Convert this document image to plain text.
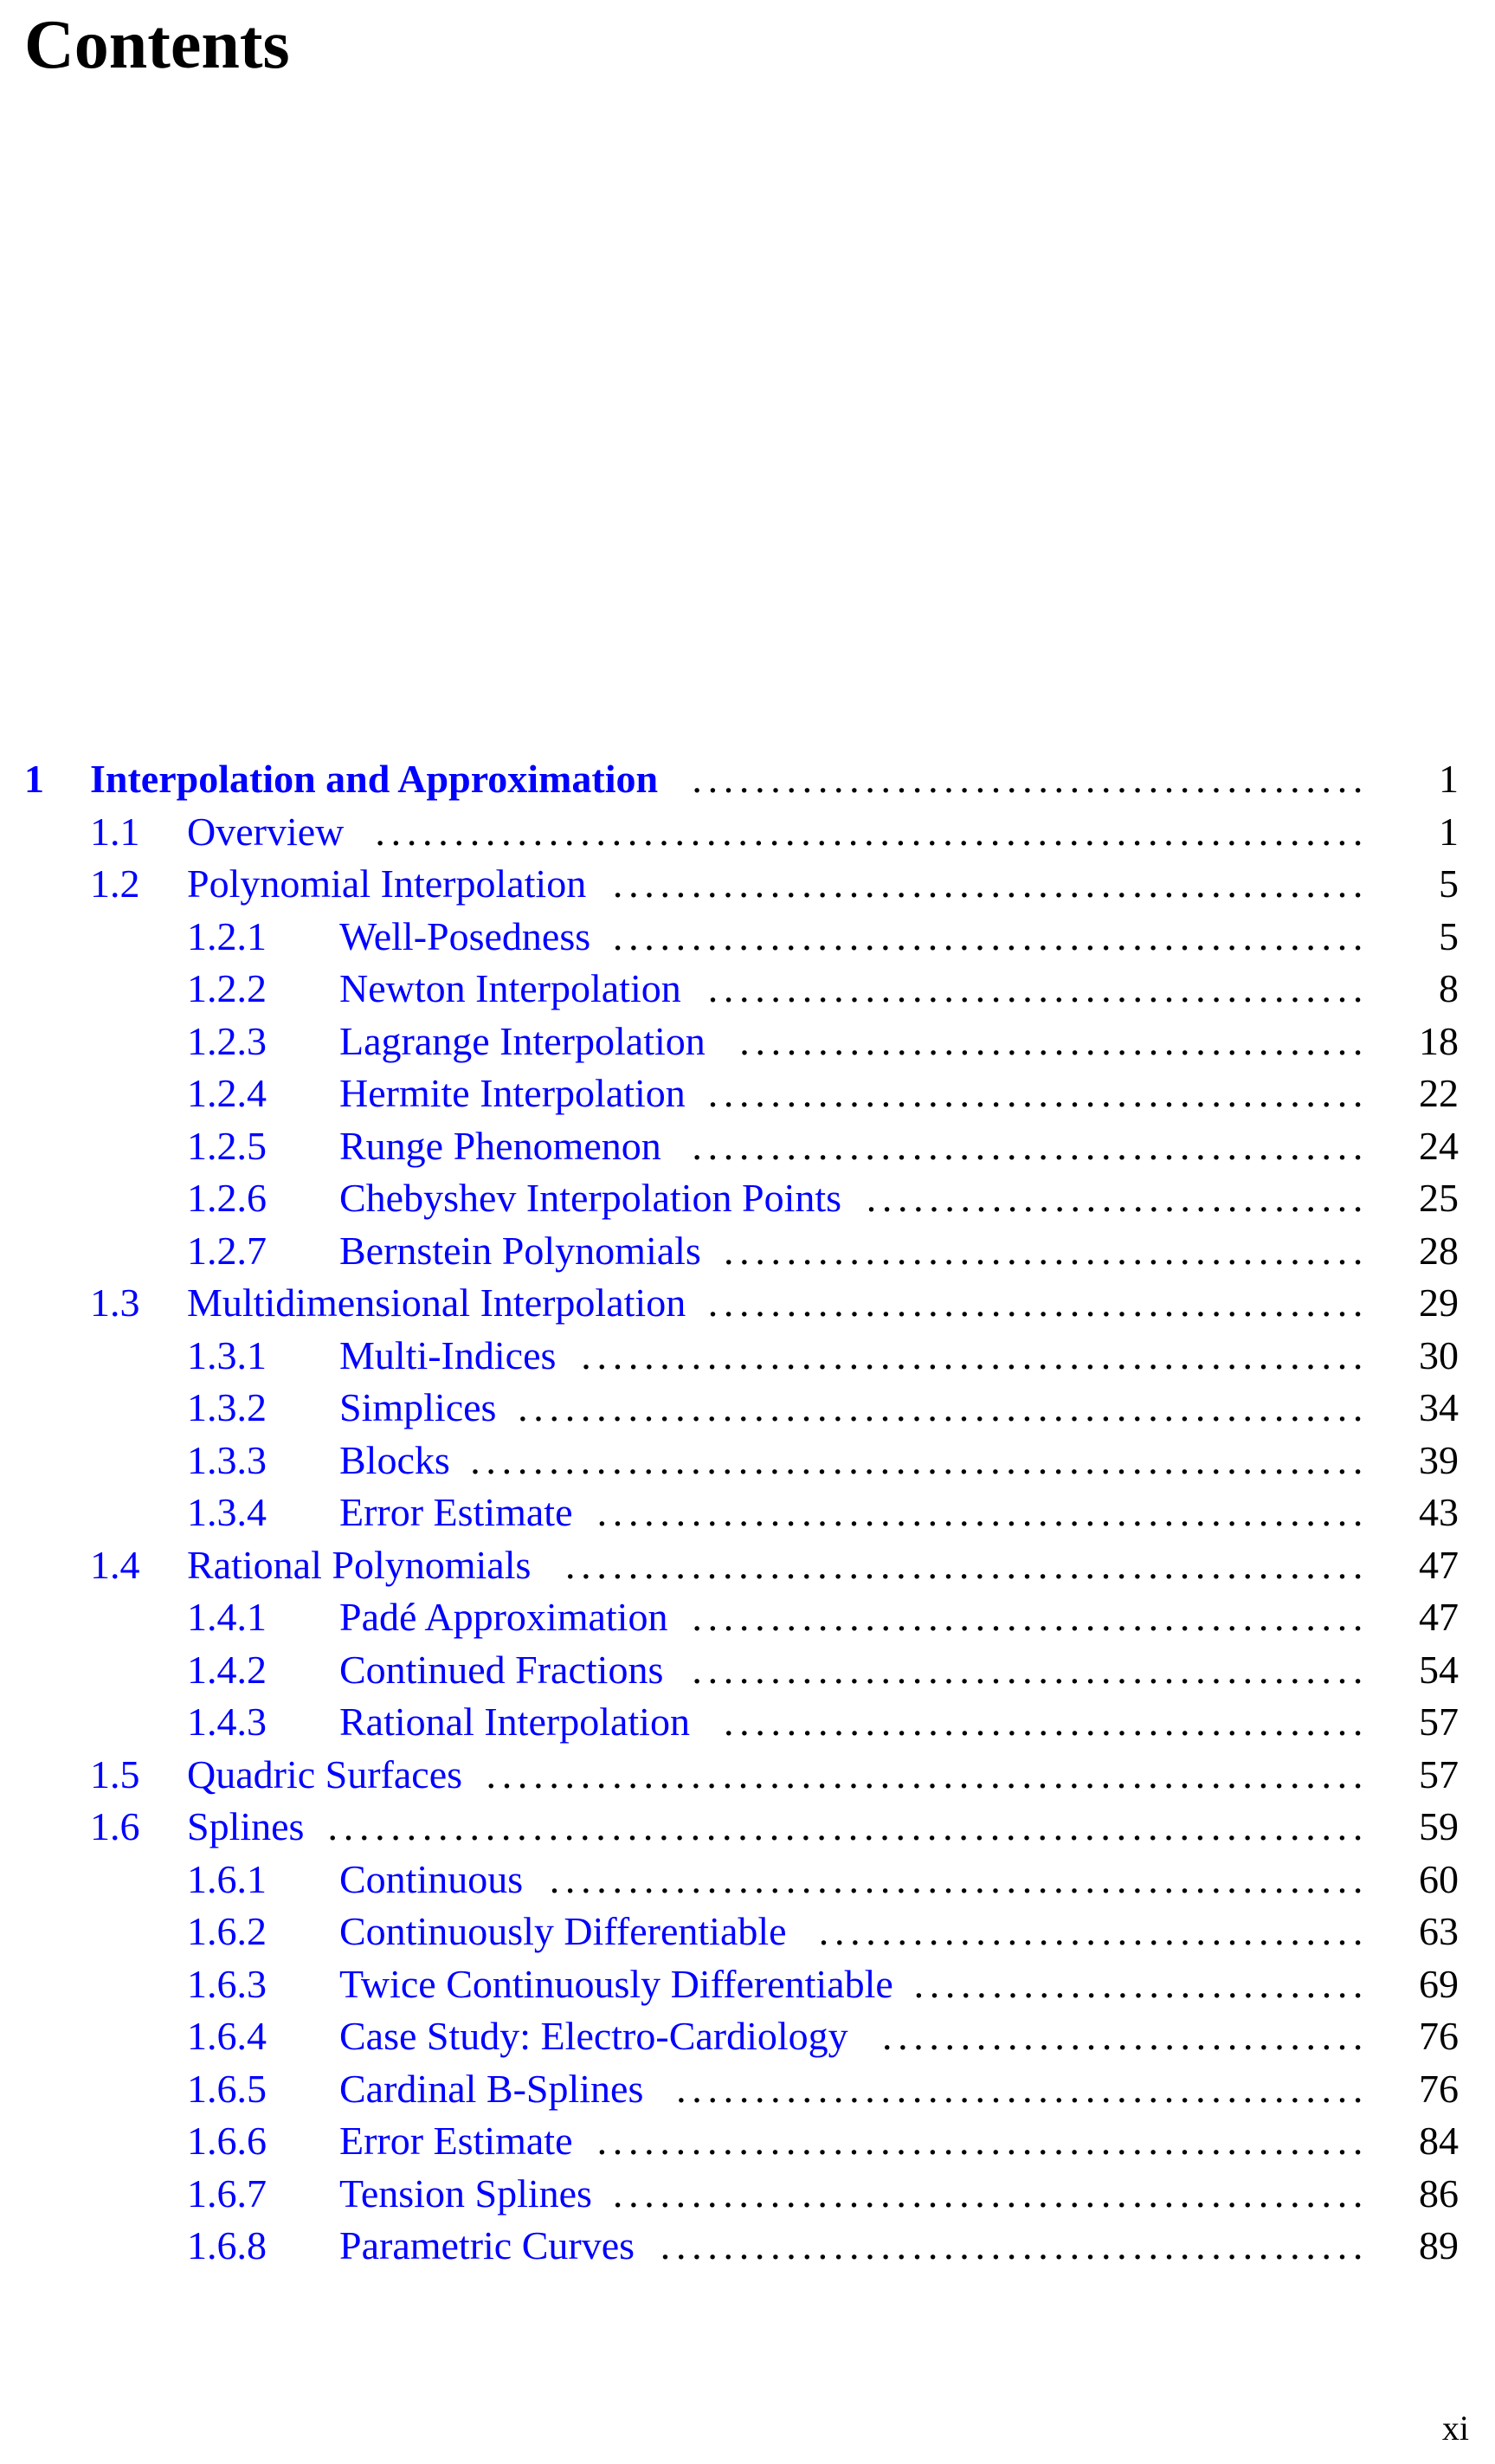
Contents
1 Interpolation and Approximation . . . . . . . . . . . . . . . . . . . . . . . . . . . . . . . . . . . . . . . . . . . 1
1.1 Overview . . . . . . . . . . . . . . . . . . . . . . . . . . . . . . . . . . . . . . . . . . . . . . . . . . . . . . . . . . . . . . . 1
1.2 Polynomial Interpolation . . . . . . . . . . . . . . . . . . . . . . . . . . . . . . . . . . . . . . . . . . . . . . . . 5
1.2.1 Well-Posedness . . . . . . . . . . . . . . . . . . . . . . . . . . . . . . . . . . . . . . . . . . . . . . . . 5
1.2.2 Newton Interpolation . . . . . . . . . . . . . . . . . . . . . . . . . . . . . . . . . . . . . . . . . . 8
1.2.3 Lagrange Interpolation . . . . . . . . . . . . . . . . . . . . . . . . . . . . . . . . . . . . . . . . 18
1.2.4 Hermite Interpolation . . . . . . . . . . . . . . . . . . . . . . . . . . . . . . . . . . . . . . . . . . 22
1.2.5 Runge Phenomenon . . . . . . . . . . . . . . . . . . . . . . . . . . . . . . . . . . . . . . . . . . . 24
1.2.6 Chebyshev Interpolation Points . . . . . . . . . . . . . . . . . . . . . . . . . . . . . . . . 25
1.2.7 Bernstein Polynomials . . . . . . . . . . . . . . . . . . . . . . . . . . . . . . . . . . . . . . . . . 28
1.3 Multidimensional Interpolation . . . . . . . . . . . . . . . . . . . . . . . . . . . . . . . . . . . . . . . . . . 29
1.3.1 Multi-Indices . . . . . . . . . . . . . . . . . . . . . . . . . . . . . . . . . . . . . . . . . . . . . . . . . . 30
1.3.2 Simplices . . . . . . . . . . . . . . . . . . . . . . . . . . . . . . . . . . . . . . . . . . . . . . . . . . . . . . 34
1.3.3 Blocks . . . . . . . . . . . . . . . . . . . . . . . . . . . . . . . . . . . . . . . . . . . . . . . . . . . . . . . . . 39
1.3.4 Error Estimate . . . . . . . . . . . . . . . . . . . . . . . . . . . . . . . . . . . . . . . . . . . . . . . . . 43
1.4 Rational Polynomials . . . . . . . . . . . . . . . . . . . . . . . . . . . . . . . . . . . . . . . . . . . . . . . . . . . 47
1.4.1 Padé Approximation . . . . . . . . . . . . . . . . . . . . . . . . . . . . . . . . . . . . . . . . . . . 47
1.4.2 Continued Fractions . . . . . . . . . . . . . . . . . . . . . . . . . . . . . . . . . . . . . . . . . . . 54
1.4.3 Rational Interpolation . . . . . . . . . . . . . . . . . . . . . . . . . . . . . . . . . . . . . . . . . 57
1.5 Quadric Surfaces . . . . . . . . . . . . . . . . . . . . . . . . . . . . . . . . . . . . . . . . . . . . . . . . . . . . . . . . 57
1.6 Splines . . . . . . . . . . . . . . . . . . . . . . . . . . . . . . . . . . . . . . . . . . . . . . . . . . . . . . . . . . . . . . . . . . 59
1.6.1 Continuous . . . . . . . . . . . . . . . . . . . . . . . . . . . . . . . . . . . . . . . . . . . . . . . . . . . . 60
1.6.2 Continuously Differentiable . . . . . . . . . . . . . . . . . . . . . . . . . . . . . . . . . . . 63
1.6.3 Twice Continuously Differentiable . . . . . . . . . . . . . . . . . . . . . . . . . . . . . 69
1.6.4 Case Study: Electro-Cardiology . . . . . . . . . . . . . . . . . . . . . . . . . . . . . . . 76
1.6.5 Cardinal B-Splines . . . . . . . . . . . . . . . . . . . . . . . . . . . . . . . . . . . . . . . . . . . . 76
1.6.6 Error Estimate . . . . . . . . . . . . . . . . . . . . . . . . . . . . . . . . . . . . . . . . . . . . . . . . . 84
1.6.7 Tension Splines . . . . . . . . . . . . . . . . . . . . . . . . . . . . . . . . . . . . . . . . . . . . . . . . 86
1.6.8 Parametric Curves . . . . . . . . . . . . . . . . . . . . . . . . . . . . . . . . . . . . . . . . . . . . . 89
xi
